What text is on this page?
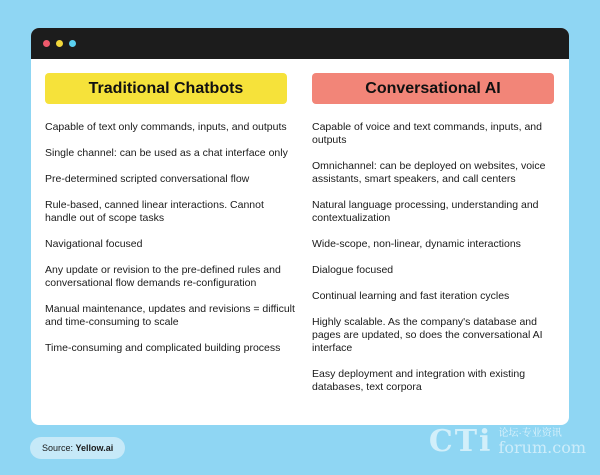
Traditional Chatbots
Capable of text only commands, inputs, and outputs
Single channel: can be used as a chat interface only
Pre-determined scripted conversational flow
Rule-based, canned linear interactions. Cannot handle out of scope tasks
Navigational focused
Any update or revision to the pre-defined rules and conversational flow demands re-configuration
Manual maintenance, updates and revisions = difficult and time-consuming to scale
Time-consuming and complicated building process
Conversational AI
Capable of voice and text commands, inputs, and outputs
Omnichannel: can be deployed on websites, voice assistants, smart speakers, and call centers
Natural language processing, understanding and contextualization
Wide-scope, non-linear, dynamic interactions
Dialogue focused
Continual learning and fast iteration cycles
Highly scalable. As the company's database and pages are updated, so does the conversational AI interface
Easy deployment and integration with existing databases, text corpora
Source: Yellow.ai	CTi 论坛·专业资讯
forum.com
